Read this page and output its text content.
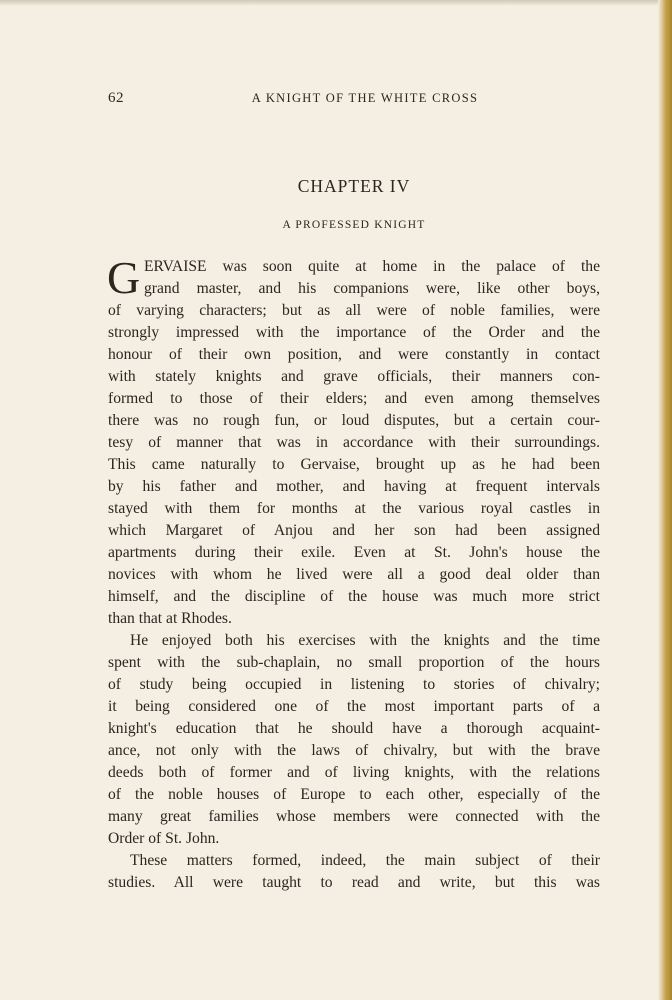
62	A KNIGHT OF THE WHITE CROSS
CHAPTER IV
A PROFESSED KNIGHT
G ERVAISE was soon quite at home in the palace of the
grand master, and his companions were, like other boys,
of varying characters; but as all were of noble families, were
strongly impressed with the importance of the Order and the
honour of their own position, and were constantly in contact
with stately knights and grave officials, their manners con-
formed to those of their elders; and even among themselves
there was no rough fun, or loud disputes, but a certain cour-
tesy of manner that was in accordance with their surroundings.
This came naturally to Gervaise, brought up as he had been
by his father and mother, and having at frequent intervals
stayed with them for months at the various royal castles in
which Margaret of Anjou and her son had been assigned
apartments during their exile. Even at St. John's house the
novices with whom he lived were all a good deal older than
himself, and the discipline of the house was much more strict
than that at Rhodes.
He enjoyed both his exercises with the knights and the time
spent with the sub-chaplain, no small proportion of the hours
of study being occupied in listening to stories of chivalry;
it being considered one of the most important parts of a
knight's education that he should have a thorough acquaint-
ance, not only with the laws of chivalry, but with the brave
deeds both of former and of living knights, with the relations
of the noble houses of Europe to each other, especially of the
many great families whose members were connected with the
Order of St. John.
These matters formed, indeed, the main subject of their
studies. All were taught to read and write, but this was
